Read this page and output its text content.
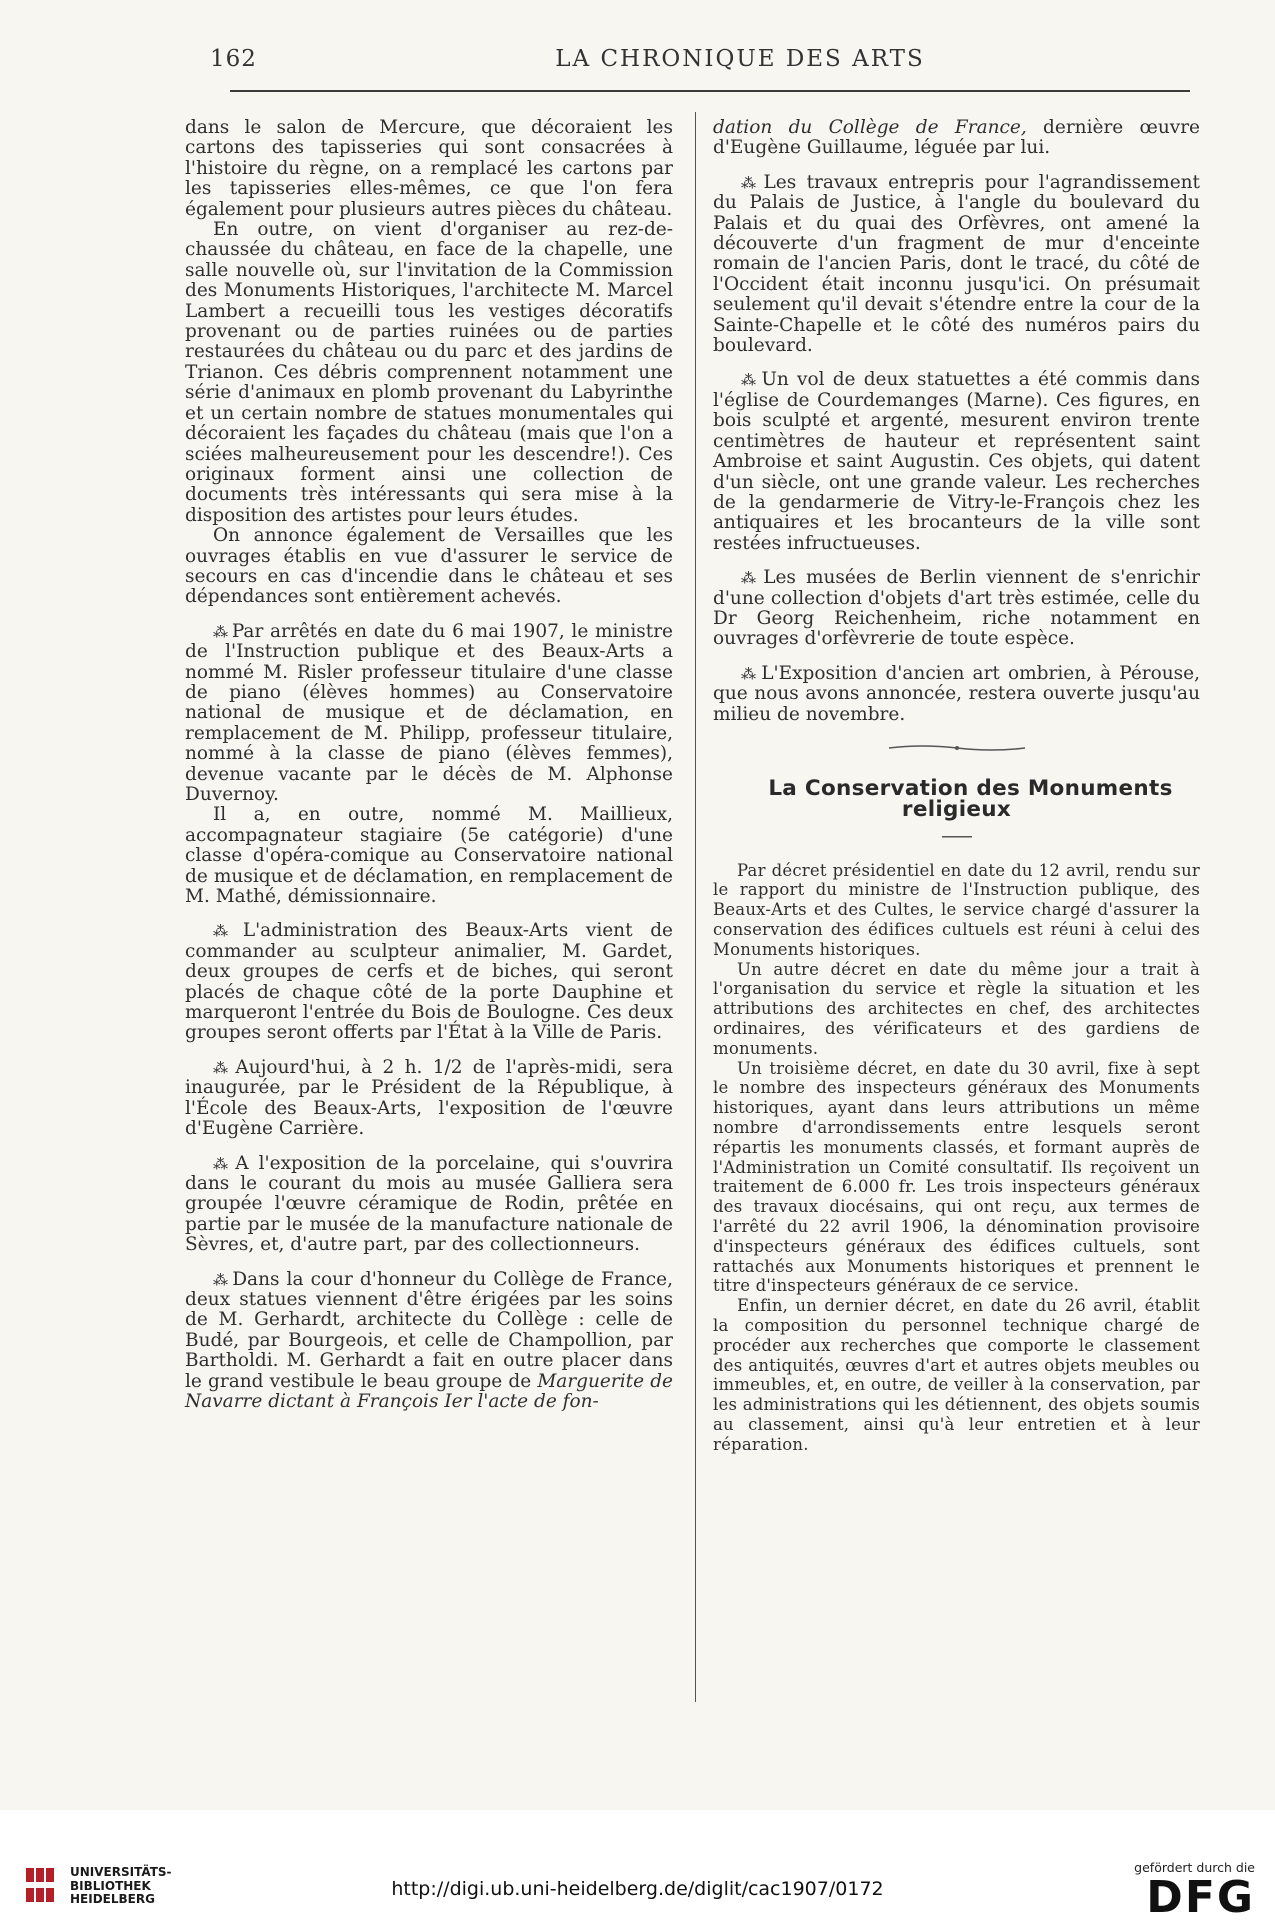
162	LA CHRONIQUE DES ARTS

dans le salon de Mercure, que décoraient les cartons des tapisseries qui sont consacrées à l'histoire du règne, on a remplacé les cartons par les tapisseries elles-mêmes, ce que l'on fera également pour plusieurs autres pièces du château.

En outre, on vient d'organiser au rez-de-chaussée du château, en face de la chapelle, une salle nouvelle où, sur l'invitation de la Commission des Monuments Historiques, l'architecte M. Marcel Lambert a recueilli tous les vestiges décoratifs provenant ou de parties ruinées ou de parties restaurées du château ou du parc et des jardins de Trianon. Ces débris comprennent notamment une série d'animaux en plomb provenant du Labyrinthe et un certain nombre de statues monumentales qui décoraient les façades du château (mais que l'on a sciées malheureusement pour les descendre!). Ces originaux forment ainsi une collection de documents très intéressants qui sera mise à la disposition des artistes pour leurs études.

On annonce également de Versailles que les ouvrages établis en vue d'assurer le service de secours en cas d'incendie dans le château et ses dépendances sont entièrement achevés.

⁂ Par arrêtés en date du 6 mai 1907, le ministre de l'Instruction publique et des Beaux-Arts a nommé M. Risler professeur titulaire d'une classe de piano (élèves hommes) au Conservatoire national de musique et de déclamation, en remplacement de M. Philipp, professeur titulaire, nommé à la classe de piano (élèves femmes), devenue vacante par le décès de M. Alphonse Duvernoy.

Il a, en outre, nommé M. Maillieux, accompagnateur stagiaire (5e catégorie) d'une classe d'opéra-comique au Conservatoire national de musique et de déclamation, en remplacement de M. Mathé, démissionnaire.

⁂ L'administration des Beaux-Arts vient de commander au sculpteur animalier, M. Gardet, deux groupes de cerfs et de biches, qui seront placés de chaque côté de la porte Dauphine et marqueront l'entrée du Bois de Boulogne. Ces deux groupes seront offerts par l'État à la Ville de Paris.

⁂ Aujourd'hui, à 2 h. 1/2 de l'après-midi, sera inaugurée, par le Président de la République, à l'École des Beaux-Arts, l'exposition de l'œuvre d'Eugène Carrière.

⁂ A l'exposition de la porcelaine, qui s'ouvrira dans le courant du mois au musée Galliera sera groupée l'œuvre céramique de Rodin, prêtée en partie par le musée de la manufacture nationale de Sèvres, et, d'autre part, par des collectionneurs.

⁂ Dans la cour d'honneur du Collège de France, deux statues viennent d'être érigées par les soins de M. Gerhardt, architecte du Collège : celle de Budé, par Bourgeois, et celle de Champollion, par Bartholdi. M. Gerhardt a fait en outre placer dans le grand vestibule le beau groupe de Marguerite de Navarre dictant à François Ier l'acte de fon-

dation du Collège de France, dernière œuvre d'Eugène Guillaume, léguée par lui.

⁂ Les travaux entrepris pour l'agrandissement du Palais de Justice, à l'angle du boulevard du Palais et du quai des Orfèvres, ont amené la découverte d'un fragment de mur d'enceinte romain de l'ancien Paris, dont le tracé, du côté de l'Occident était inconnu jusqu'ici. On présumait seulement qu'il devait s'étendre entre la cour de la Sainte-Chapelle et le côté des numéros pairs du boulevard.

⁂ Un vol de deux statuettes a été commis dans l'église de Courdemanges (Marne). Ces figures, en bois sculpté et argenté, mesurent environ trente centimètres de hauteur et représentent saint Ambroise et saint Augustin. Ces objets, qui datent d'un siècle, ont une grande valeur. Les recherches de la gendarmerie de Vitry-le-François chez les antiquaires et les brocanteurs de la ville sont restées infructueuses.

⁂ Les musées de Berlin viennent de s'enrichir d'une collection d'objets d'art très estimée, celle du Dr Georg Reichenheim, riche notamment en ouvrages d'orfèvrerie de toute espèce.

⁂ L'Exposition d'ancien art ombrien, à Pérouse, que nous avons annoncée, restera ouverte jusqu'au milieu de novembre.

La Conservation des Monuments religieux

Par décret présidentiel en date du 12 avril, rendu sur le rapport du ministre de l'Instruction publique, des Beaux-Arts et des Cultes, le service chargé d'assurer la conservation des édifices cultuels est réuni à celui des Monuments historiques.

Un autre décret en date du même jour a trait à l'organisation du service et règle la situation et les attributions des architectes en chef, des architectes ordinaires, des vérificateurs et des gardiens de monuments.

Un troisième décret, en date du 30 avril, fixe à sept le nombre des inspecteurs généraux des Monuments historiques, ayant dans leurs attributions un même nombre d'arrondissements entre lesquels seront répartis les monuments classés, et formant auprès de l'Administration un Comité consultatif. Ils reçoivent un traitement de 6.000 fr. Les trois inspecteurs généraux des travaux diocésains, qui ont reçu, aux termes de l'arrêté du 22 avril 1906, la dénomination provisoire d'inspecteurs généraux des édifices cultuels, sont rattachés aux Monuments historiques et prennent le titre d'inspecteurs généraux de ce service.

Enfin, un dernier décret, en date du 26 avril, établit la composition du personnel technique chargé de procéder aux recherches que comporte le classement des antiquités, œuvres d'art et autres objets meubles ou immeubles, et, en outre, de veiller à la conservation, par les administrations qui les détiennent, des objets soumis au classement, ainsi qu'à leur entretien et à leur réparation.

UNIVERSITÄTS-
BIBLIOTHEK
HEIDELBERG	http://digi.ub.uni-heidelberg.de/diglit/cac1907/0172
gefördert durch die
DFG
